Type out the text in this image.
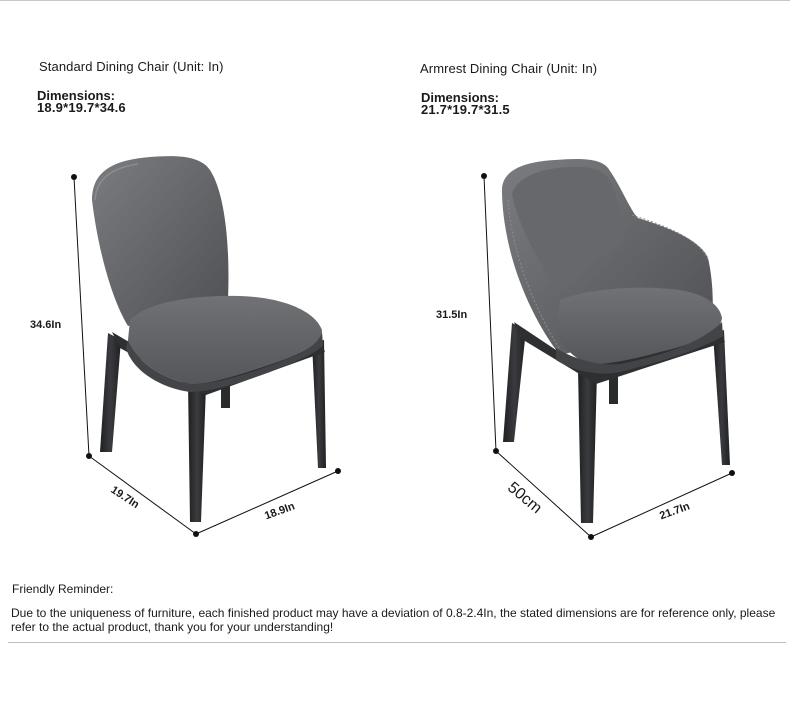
Standard Dining Chair (Unit: In)
Dimensions:
18.9*19.7*34.6
Armrest Dining Chair (Unit: In)
Dimensions:
21.7*19.7*31.5
34.6In
19.7In
18.9In
31.5In
50cm	21.7In
Friendly Reminder:
Due to the uniqueness of furniture, each finished product may have a deviation of 0.8-2.4In, the stated dimensions are for reference only, please refer to the actual product, thank you for your understanding!
